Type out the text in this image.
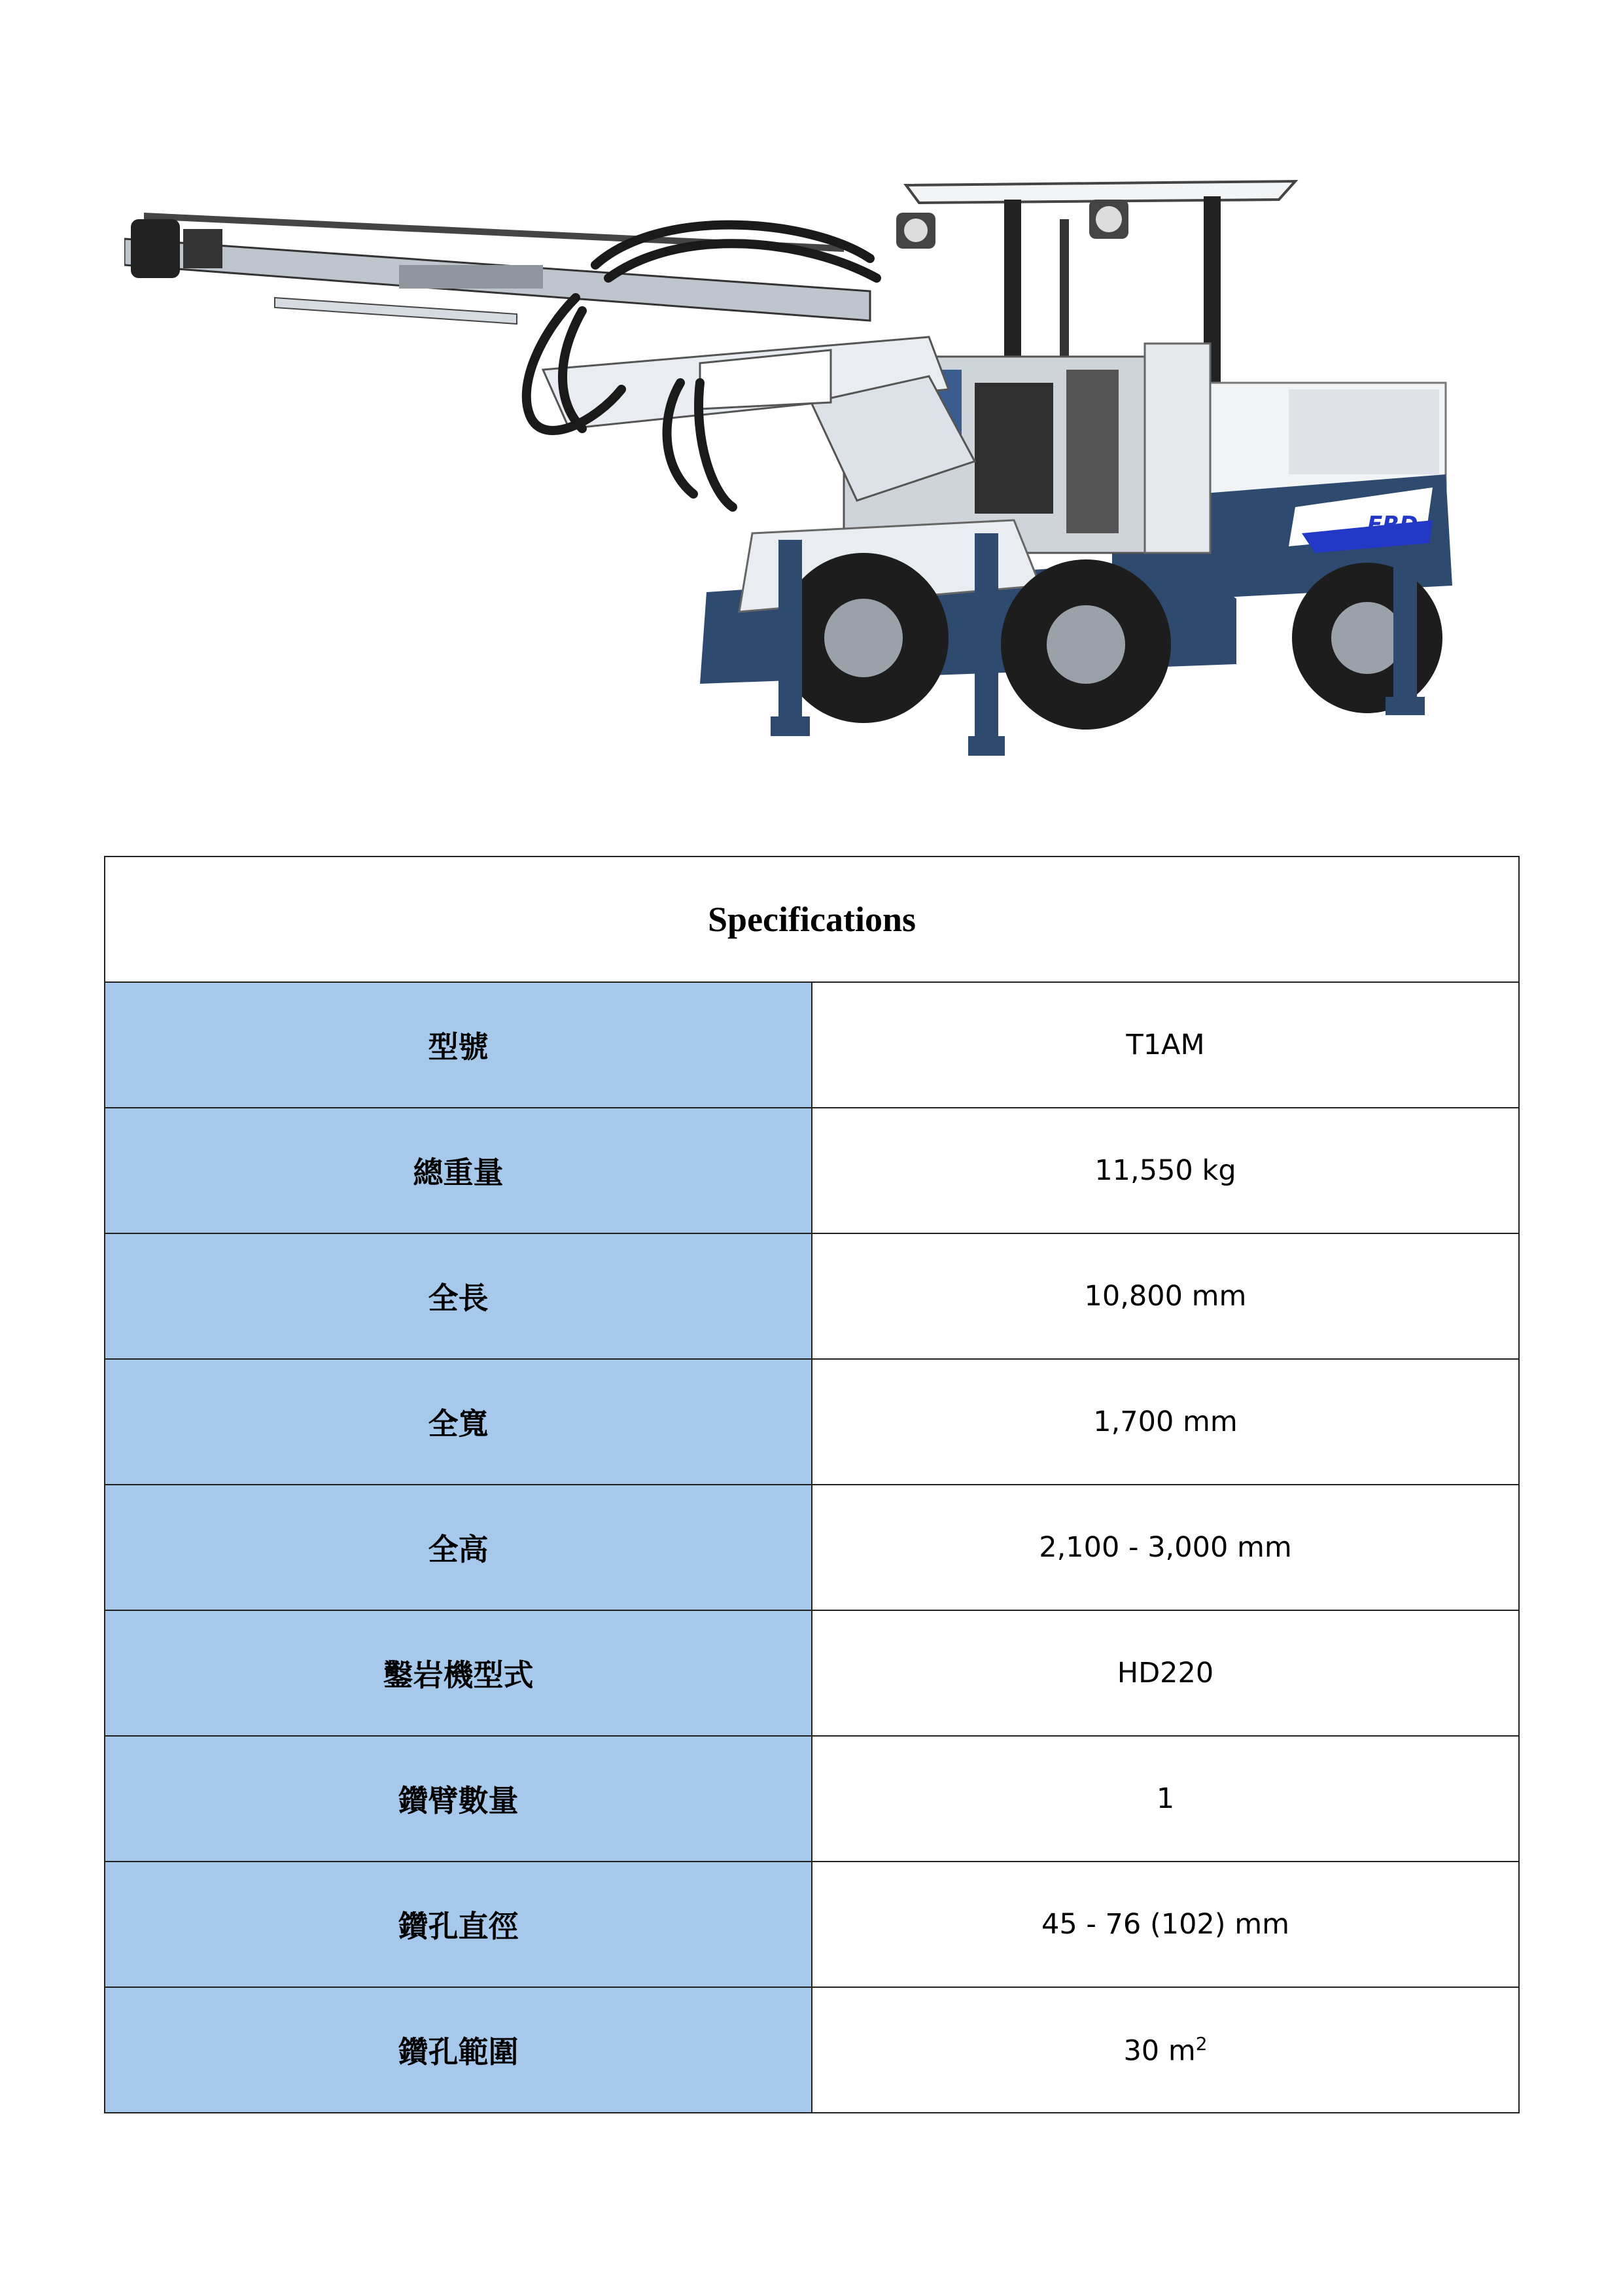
FRD
Specifications	
型號	T1AM
總重量	11,550 kg
全長	10,800 mm
全寬	1,700 mm
全高	2,100 - 3,000 mm
鑿岩機型式	HD220
鑽臂數量	1
鑽孔直徑	45 - 76 (102) mm
鑽孔範圍	30 $m^2$
